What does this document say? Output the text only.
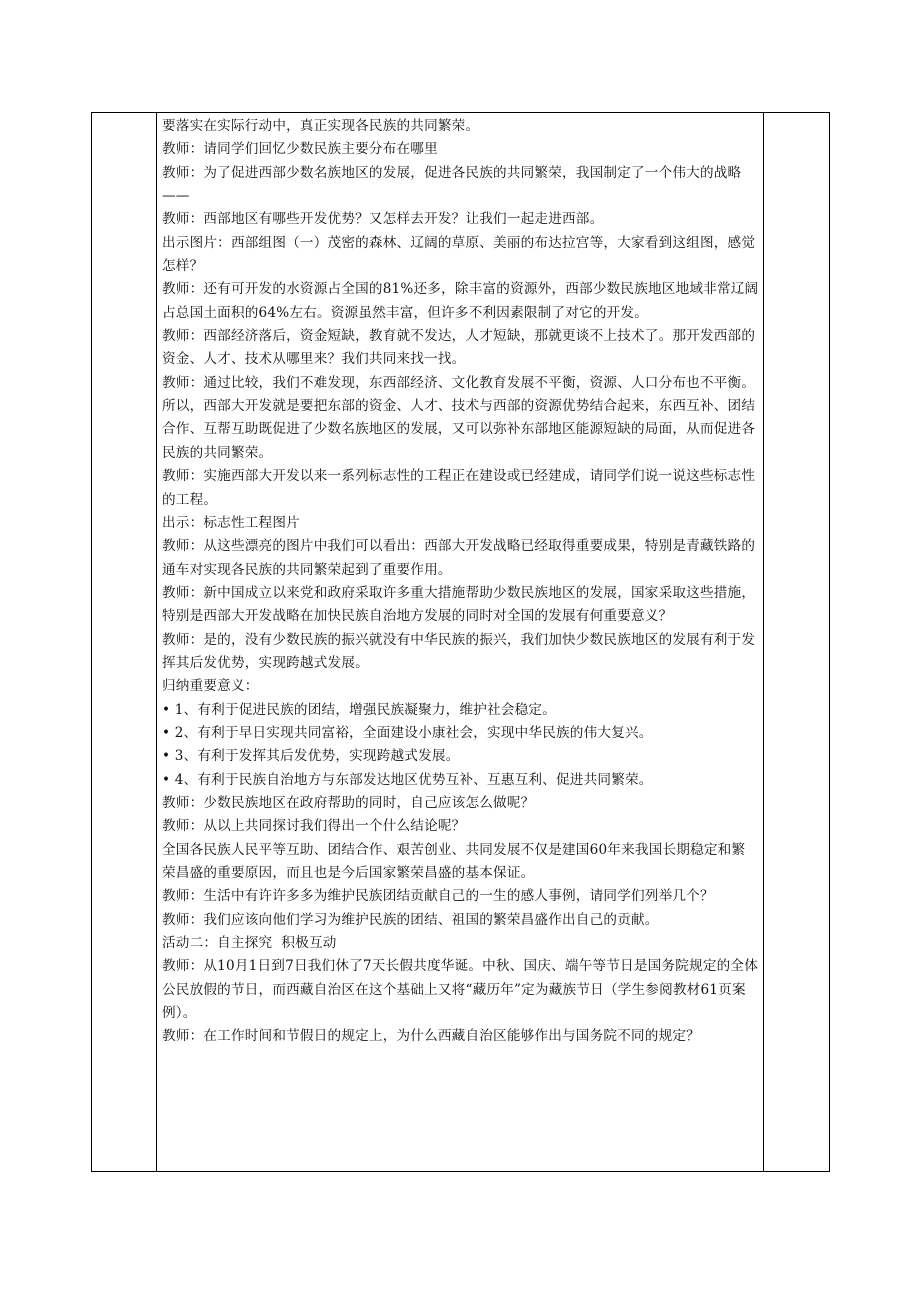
要落实在实际行动中，真正实现各民族的共同繁荣。

教师：请同学们回忆少数民族主要分布在哪里

教师：为了促进西部少数名族地区的发展，促进各民族的共同繁荣，我国制定了一个伟大的战略——

教师：西部地区有哪些开发优势？又怎样去开发？让我们一起走进西部。

出示图片：西部组图（一）茂密的森林、辽阔的草原、美丽的布达拉宫等，大家看到这组图，感觉怎样？

教师：还有可开发的水资源占全国的81%还多，除丰富的资源外，西部少数民族地区地域非常辽阔占总国土面积的64%左右。资源虽然丰富，但许多不利因素限制了对它的开发。

教师：西部经济落后，资金短缺，教育就不发达，人才短缺，那就更谈不上技术了。那开发西部的资金、人才、技术从哪里来？我们共同来找一找。

教师：通过比较，我们不难发现，东西部经济、文化教育发展不平衡，资源、人口分布也不平衡。所以，西部大开发就是要把东部的资金、人才、技术与西部的资源优势结合起来，东西互补、团结合作、互帮互助既促进了少数名族地区的发展，又可以弥补东部地区能源短缺的局面，从而促进各民族的共同繁荣。

教师：实施西部大开发以来一系列标志性的工程正在建设或已经建成，请同学们说一说这些标志性的工程。

出示：标志性工程图片

教师：从这些漂亮的图片中我们可以看出：西部大开发战略已经取得重要成果，特别是青藏铁路的通车对实现各民族的共同繁荣起到了重要作用。

教师：新中国成立以来党和政府采取许多重大措施帮助少数民族地区的发展，国家采取这些措施，特别是西部大开发战略在加快民族自治地方发展的同时对全国的发展有何重要意义？

教师：是的，没有少数民族的振兴就没有中华民族的振兴，我们加快少数民族地区的发展有利于发挥其后发优势，实现跨越式发展。

归纳重要意义：

• 1、有利于促进民族的团结，增强民族凝聚力，维护社会稳定。

• 2、有利于早日实现共同富裕，全面建设小康社会，实现中华民族的伟大复兴。

• 3、有利于发挥其后发优势，实现跨越式发展。

• 4、有利于民族自治地方与东部发达地区优势互补、互惠互利、促进共同繁荣。

教师：少数民族地区在政府帮助的同时，自己应该怎么做呢？

教师：从以上共同探讨我们得出一个什么结论呢？

全国各民族人民平等互助、团结合作、艰苦创业、共同发展不仅是建国60年来我国长期稳定和繁荣昌盛的重要原因，而且也是今后国家繁荣昌盛的基本保证。

教师：生活中有许许多多为维护民族团结贡献自己的一生的感人事例，请同学们列举几个？

教师：我们应该向他们学习为维护民族的团结、祖国的繁荣昌盛作出自己的贡献。

活动二：自主探究  积极互动

教师：从10月1日到7日我们休了7天长假共度华诞。中秋、国庆、端午等节日是国务院规定的全体公民放假的节日，而西藏自治区在这个基础上又将“藏历年”定为藏族节日（学生参阅教材61页案例）。

教师：在工作时间和节假日的规定上，为什么西藏自治区能够作出与国务院不同的规定？
